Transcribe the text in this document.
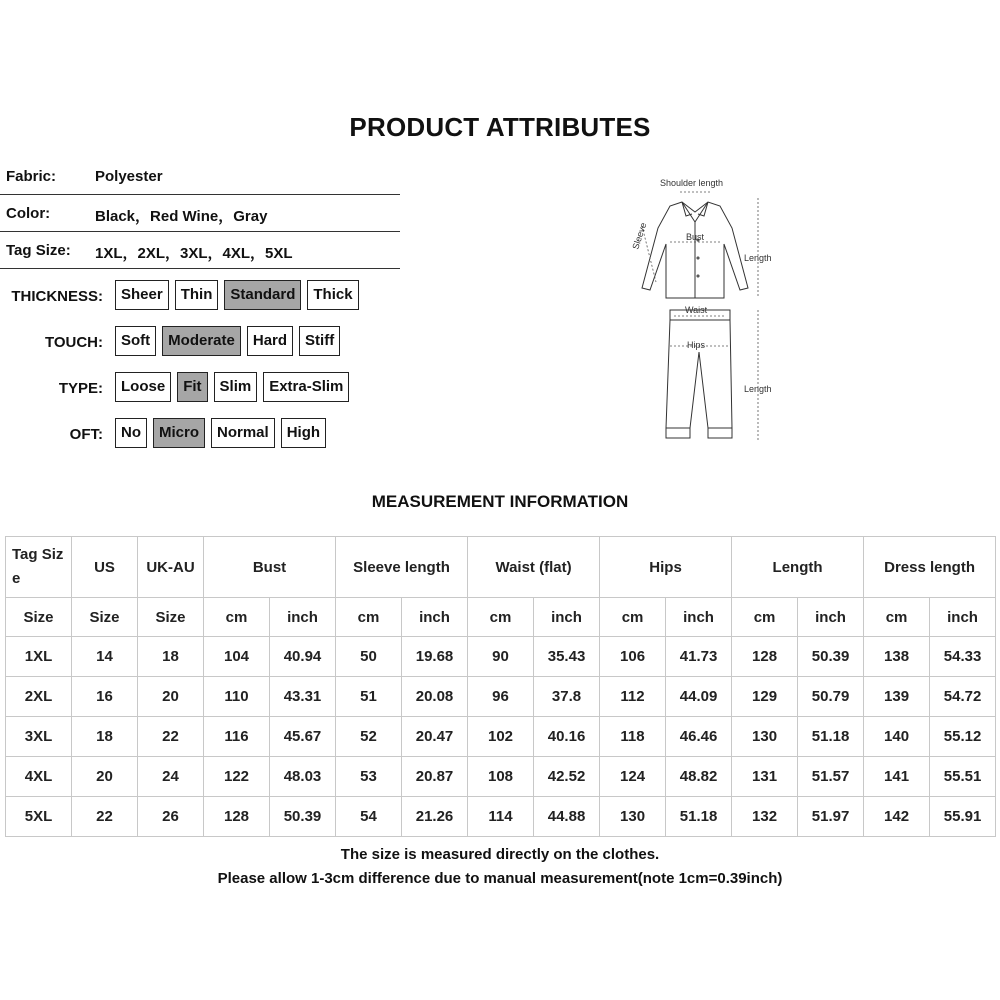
PRODUCT ATTRIBUTES
Fabric:	Polyester
Color:	Black，Red Wine，Gray
Tag Size: 1XL，2XL，3XL，4XL，5XL
THICKNESS:	Sheer	Thin	Standard	Thick
TOUCH:	Soft	Moderate	Hard	Stiff
TYPE:	Loose	Fit	Slim	Extra-Slim
OFT:	No	Micro	Normal	High
Shoulder length
Sleeve	Bust
Length
Waist
Hips
Length
MEASUREMENT INFORMATION
Tag Size	US	UK-AU	Bust		Sleeve length		Waist (flat)		Hips		Length		Dress length	
Size	Size	Size	cm	inch	cm	inch	cm	inch	cm	inch	cm	inch	cm	inch
1XL	14	18	104	40.94	50	19.68	90	35.43	106	41.73	128	50.39	138	54.33
2XL	16	20	110	43.31	51	20.08	96	37.8	112	44.09	129	50.79	139	54.72
3XL	18	22	116	45.67	52	20.47	102	40.16	118	46.46	130	51.18	140	55.12
4XL	20	24	122	48.03	53	20.87	108	42.52	124	48.82	131	51.57	141	55.51
5XL	22	26	128	50.39	54	21.26	114	44.88	130	51.18	132	51.97	142	55.91
The size is measured directly on the clothes.
Please allow 1-3cm difference due to manual measurement(note 1cm=0.39inch)
